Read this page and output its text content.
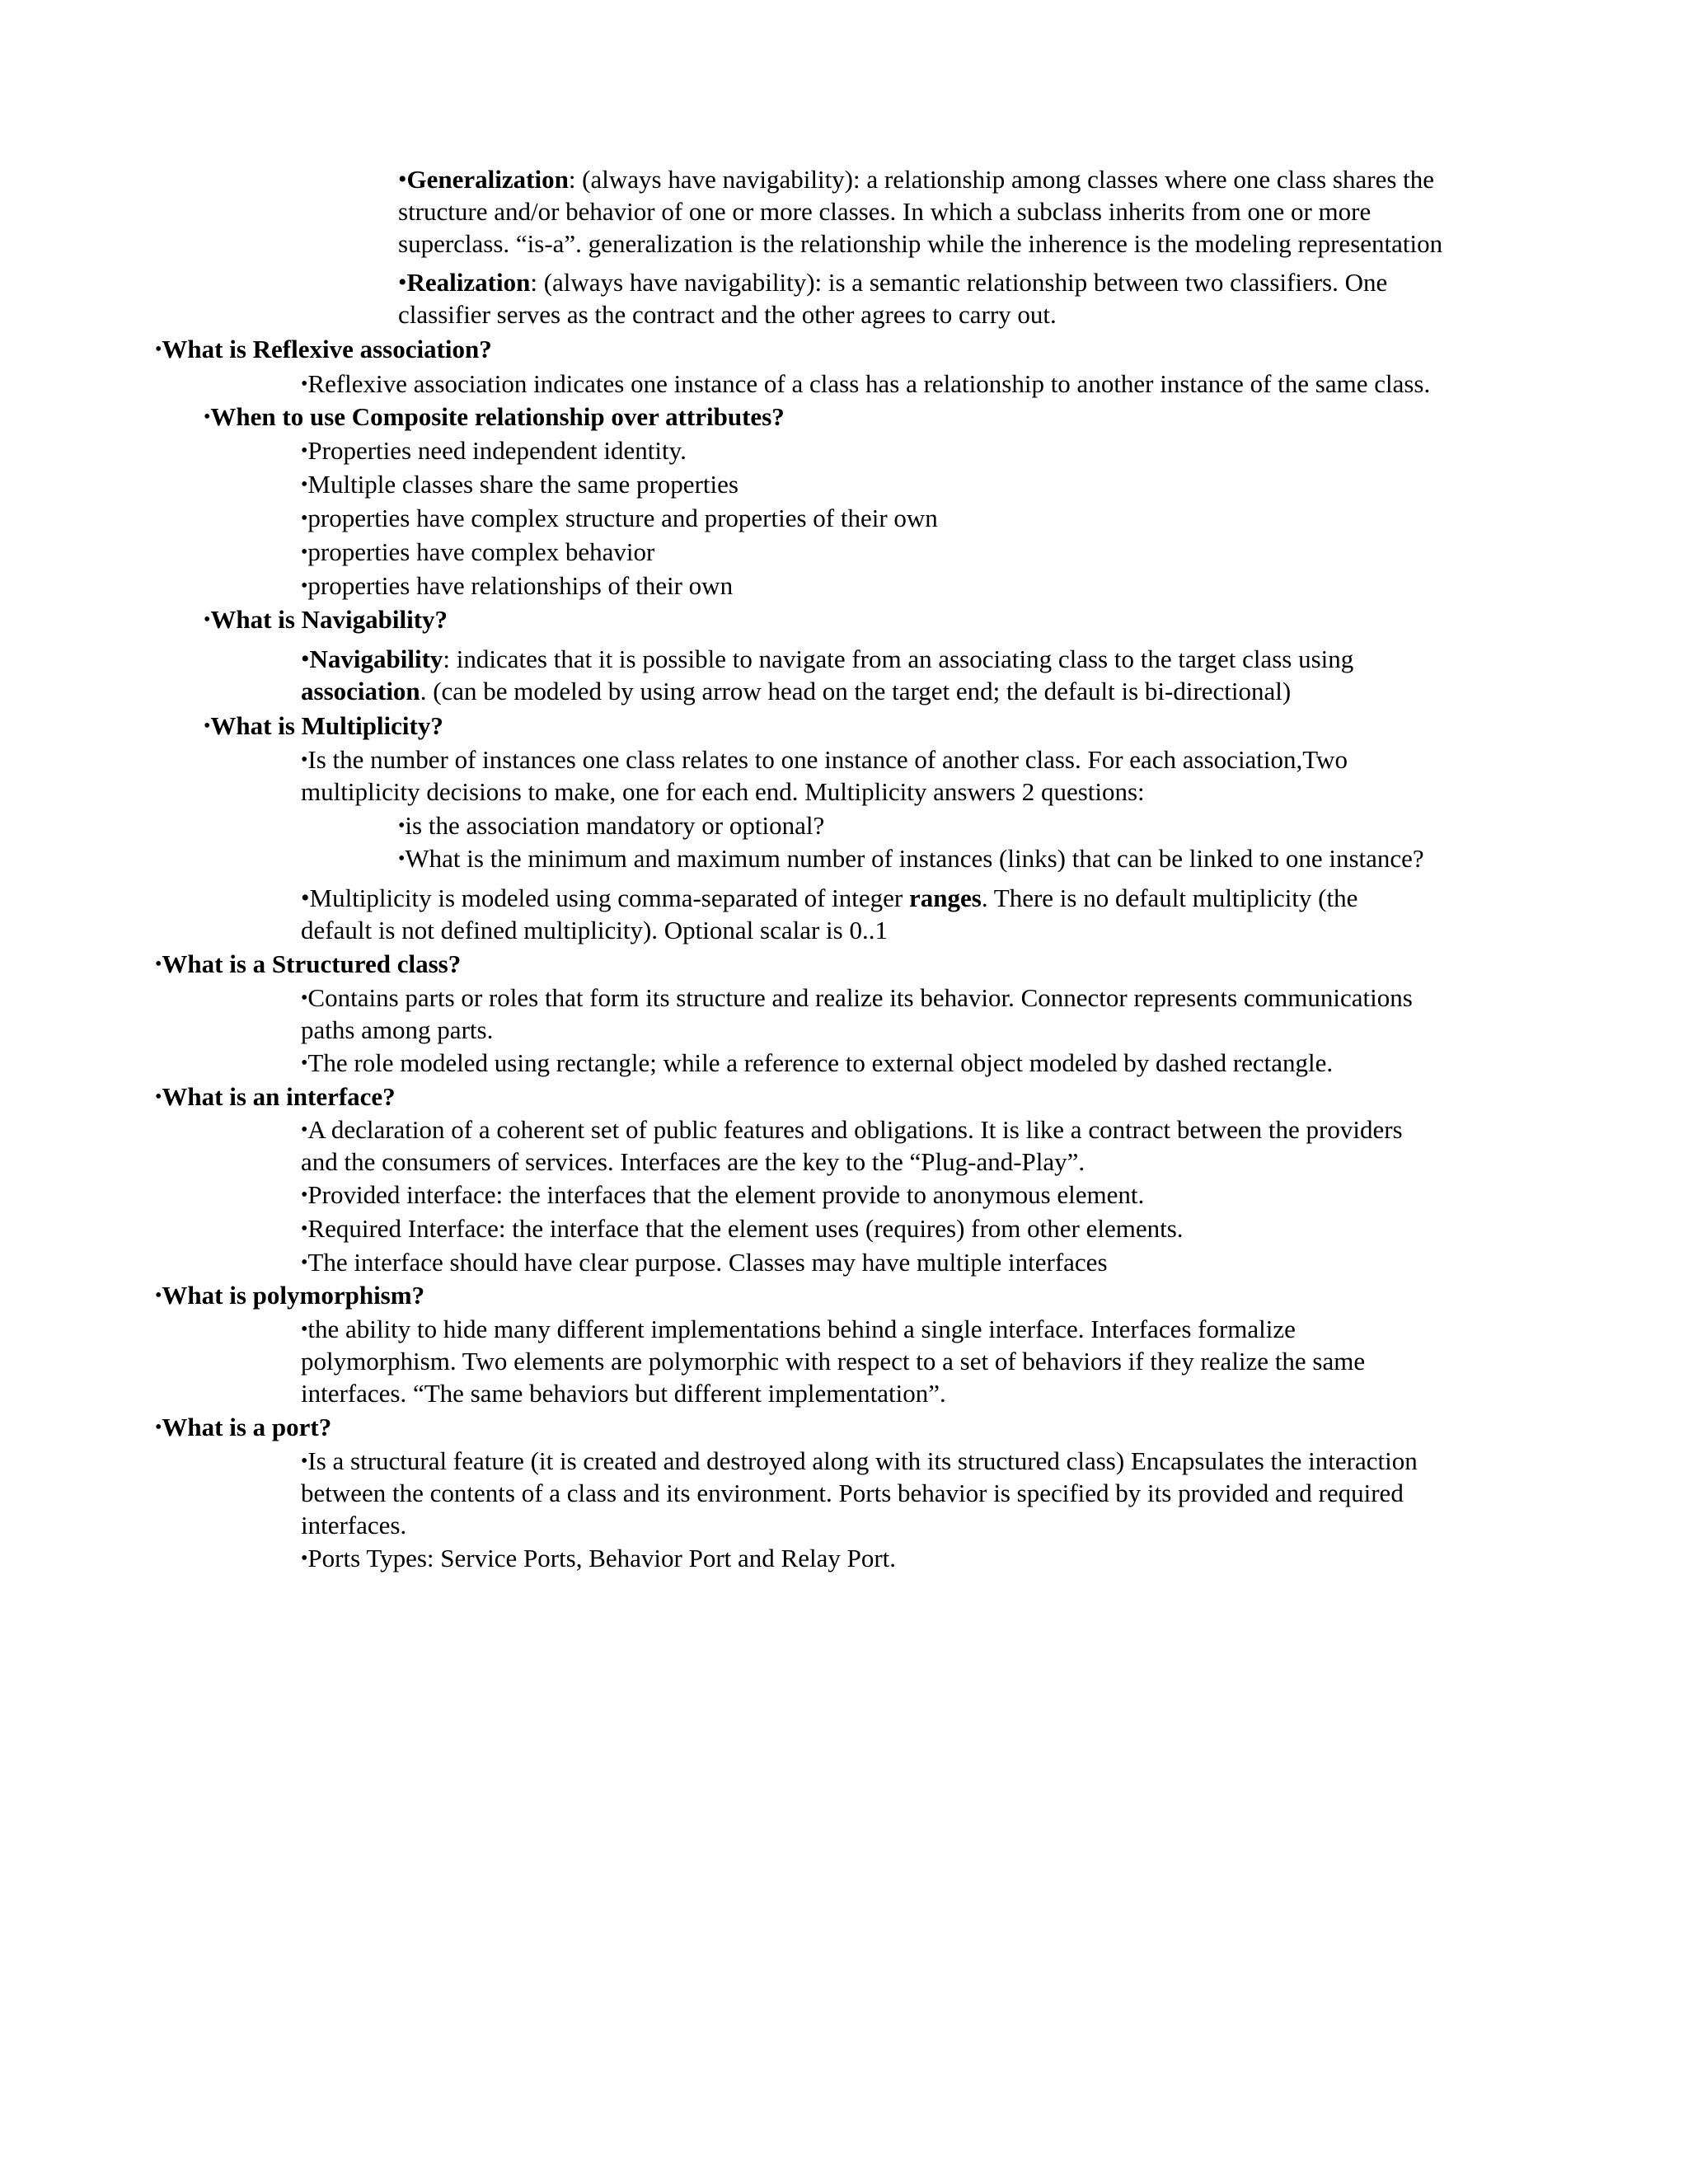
•Generalization: (always have navigability): a relationship among classes where one class shares the
structure and/or behavior of one or more classes. In which a subclass inherits from one or more
superclass. “is-a”. generalization is the relationship while the inherence is the modeling representation
•Realization: (always have navigability): is a semantic relationship between two classifiers. One
classifier serves as the contract and the other agrees to carry out.
•What is Reflexive association?
•Reflexive association indicates one instance of a class has a relationship to another instance of the same class.
•When to use Composite relationship over attributes?
•Properties need independent identity.
•Multiple classes share the same properties
•properties have complex structure and properties of their own
•properties have complex behavior
•properties have relationships of their own
•What is Navigability?
•Navigability: indicates that it is possible to navigate from an associating class to the target class using
association. (can be modeled by using arrow head on the target end; the default is bi-directional)
•What is Multiplicity?
•Is the number of instances one class relates to one instance of another class. For each association,Two
multiplicity decisions to make, one for each end. Multiplicity answers 2 questions:
•is the association mandatory or optional?
•What is the minimum and maximum number of instances (links) that can be linked to one instance?
•Multiplicity is modeled using comma-separated of integer ranges. There is no default multiplicity (the
default is not defined multiplicity). Optional scalar is 0..1
•What is a Structured class?
•Contains parts or roles that form its structure and realize its behavior. Connector represents communications
paths among parts.
•The role modeled using rectangle; while a reference to external object modeled by dashed rectangle.
•What is an interface?
•A declaration of a coherent set of public features and obligations. It is like a contract between the providers
and the consumers of services. Interfaces are the key to the “Plug-and-Play”.
•Provided interface: the interfaces that the element provide to anonymous element.
•Required Interface: the interface that the element uses (requires) from other elements.
•The interface should have clear purpose. Classes may have multiple interfaces
•What is polymorphism?
•the ability to hide many different implementations behind a single interface. Interfaces formalize
polymorphism. Two elements are polymorphic with respect to a set of behaviors if they realize the same
interfaces. “The same behaviors but different implementation”.
•What is a port?
•Is a structural feature (it is created and destroyed along with its structured class) Encapsulates the interaction
between the contents of a class and its environment. Ports behavior is specified by its provided and required
interfaces.
•Ports Types: Service Ports, Behavior Port and Relay Port.
